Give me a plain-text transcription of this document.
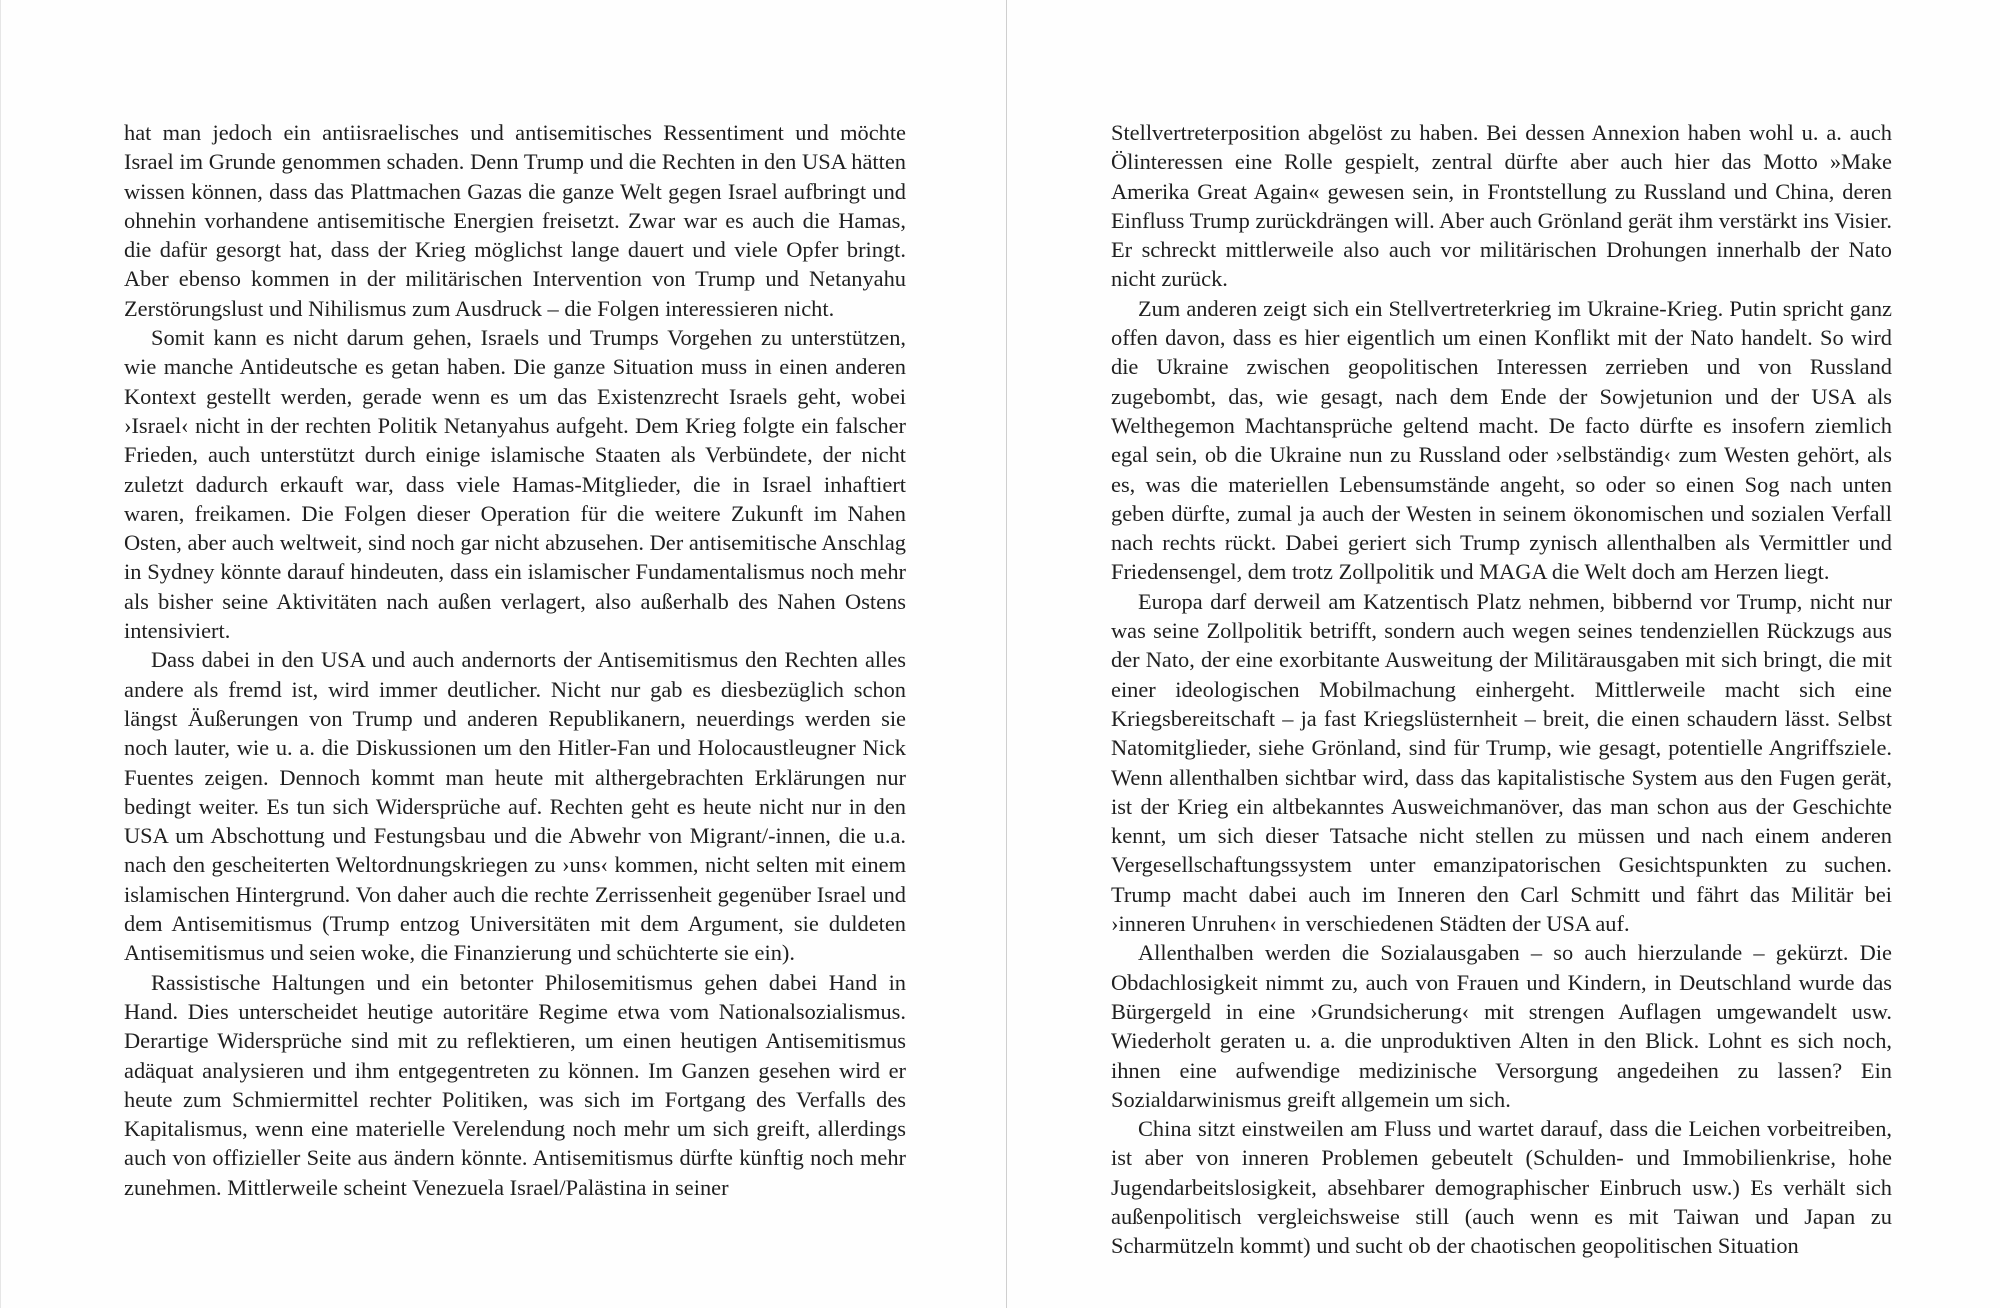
hat man jedoch ein antiisraelisches und antisemitisches Ressentiment und möchte Israel im Grunde genommen schaden. Denn Trump und die Rechten in den USA hätten wissen können, dass das Plattmachen Gazas die ganze Welt gegen Israel aufbringt und ohnehin vorhandene antisemitische Energien freisetzt. Zwar war es auch die Hamas, die dafür gesorgt hat, dass der Krieg möglichst lange dauert und viele Opfer bringt. Aber ebenso kommen in der militärischen Intervention von Trump und Netanyahu Zerstörungslust und Nihilismus zum Ausdruck – die Folgen interessieren nicht.

Somit kann es nicht darum gehen, Israels und Trumps Vorgehen zu unterstützen, wie manche Antideutsche es getan haben. Die ganze Situation muss in einen anderen Kontext gestellt werden, gerade wenn es um das Existenzrecht Israels geht, wobei ›Israel‹ nicht in der rechten Politik Netanyahus aufgeht. Dem Krieg folgte ein falscher Frieden, auch unterstützt durch einige islamische Staaten als Verbündete, der nicht zuletzt dadurch erkauft war, dass viele Hamas-Mitglieder, die in Israel inhaftiert waren, freikamen. Die Folgen dieser Operation für die weitere Zukunft im Nahen Osten, aber auch weltweit, sind noch gar nicht abzusehen. Der antisemitische Anschlag in Sydney könnte darauf hindeuten, dass ein islamischer Fundamentalismus noch mehr als bisher seine Aktivitäten nach außen verlagert, also außerhalb des Nahen Ostens intensiviert.

Dass dabei in den USA und auch andernorts der Antisemitismus den Rechten alles andere als fremd ist, wird immer deutlicher. Nicht nur gab es diesbezüglich schon längst Äußerungen von Trump und anderen Republikanern, neuerdings werden sie noch lauter, wie u. a. die Diskussionen um den Hitler-Fan und Holocaustleugner Nick Fuentes zeigen. Dennoch kommt man heute mit althergebrachten Erklärungen nur bedingt weiter. Es tun sich Widersprüche auf. Rechten geht es heute nicht nur in den USA um Abschottung und Festungsbau und die Abwehr von Migrant/-innen, die u.a. nach den gescheiterten Weltordnungskriegen zu ›uns‹ kommen, nicht selten mit einem islamischen Hintergrund. Von daher auch die rechte Zerrissenheit gegenüber Israel und dem Antisemitismus (Trump entzog Universitäten mit dem Argument, sie duldeten Antisemitismus und seien woke, die Finanzierung und schüchterte sie ein).

Rassistische Haltungen und ein betonter Philosemitismus gehen dabei Hand in Hand. Dies unterscheidet heutige autoritäre Regime etwa vom Nationalsozialismus. Derartige Widersprüche sind mit zu reflektieren, um einen heutigen Antisemitismus adäquat analysieren und ihm entgegentreten zu können. Im Ganzen gesehen wird er heute zum Schmiermittel rechter Politiken, was sich im Fortgang des Verfalls des Kapitalismus, wenn eine materielle Verelendung noch mehr um sich greift, allerdings auch von offizieller Seite aus ändern könnte. Antisemitismus dürfte künftig noch mehr zunehmen. Mittlerweile scheint Venezuela Israel/Palästina in seiner

Stellvertreterposition abgelöst zu haben. Bei dessen Annexion haben wohl u. a. auch Ölinteressen eine Rolle gespielt, zentral dürfte aber auch hier das Motto »Make Amerika Great Again« gewesen sein, in Frontstellung zu Russland und China, deren Einfluss Trump zurückdrängen will. Aber auch Grönland gerät ihm verstärkt ins Visier. Er schreckt mittlerweile also auch vor militärischen Drohungen innerhalb der Nato nicht zurück.

Zum anderen zeigt sich ein Stellvertreterkrieg im Ukraine-Krieg. Putin spricht ganz offen davon, dass es hier eigentlich um einen Konflikt mit der Nato handelt. So wird die Ukraine zwischen geopolitischen Interessen zerrieben und von Russland zugebombt, das, wie gesagt, nach dem Ende der Sowjetunion und der USA als Welthegemon Machtansprüche geltend macht. De facto dürfte es insofern ziemlich egal sein, ob die Ukraine nun zu Russland oder ›selbständig‹ zum Westen gehört, als es, was die materiellen Lebensumstände angeht, so oder so einen Sog nach unten geben dürfte, zumal ja auch der Westen in seinem ökonomischen und sozialen Verfall nach rechts rückt. Dabei geriert sich Trump zynisch allenthalben als Vermittler und Friedensengel, dem trotz Zollpolitik und MAGA die Welt doch am Herzen liegt.

Europa darf derweil am Katzentisch Platz nehmen, bibbernd vor Trump, nicht nur was seine Zollpolitik betrifft, sondern auch wegen seines tendenziellen Rückzugs aus der Nato, der eine exorbitante Ausweitung der Militärausgaben mit sich bringt, die mit einer ideologischen Mobilmachung einhergeht. Mittlerweile macht sich eine Kriegsbereitschaft – ja fast Kriegslüsternheit – breit, die einen schaudern lässt. Selbst Natomitglieder, siehe Grönland, sind für Trump, wie gesagt, potentielle Angriffsziele. Wenn allenthalben sichtbar wird, dass das kapitalistische System aus den Fugen gerät, ist der Krieg ein altbekanntes Ausweichmanöver, das man schon aus der Geschichte kennt, um sich dieser Tatsache nicht stellen zu müssen und nach einem anderen Vergesellschaftungssystem unter emanzipatorischen Gesichtspunkten zu suchen. Trump macht dabei auch im Inneren den Carl Schmitt und fährt das Militär bei ›inneren Unruhen‹ in verschiedenen Städten der USA auf.

Allenthalben werden die Sozialausgaben – so auch hierzulande – gekürzt. Die Obdachlosigkeit nimmt zu, auch von Frauen und Kindern, in Deutschland wurde das Bürgergeld in eine ›Grundsicherung‹ mit strengen Auflagen umgewandelt usw. Wiederholt geraten u. a. die unproduktiven Alten in den Blick. Lohnt es sich noch, ihnen eine aufwendige medizinische Versorgung angedeihen zu lassen? Ein Sozialdarwinismus greift allgemein um sich.

China sitzt einstweilen am Fluss und wartet darauf, dass die Leichen vorbeitreiben, ist aber von inneren Problemen gebeutelt (Schulden- und Immobilienkrise, hohe Jugendarbeitslosigkeit, absehbarer demographischer Einbruch usw.) Es verhält sich außenpolitisch vergleichsweise still (auch wenn es mit Taiwan und Japan zu Scharmützeln kommt) und sucht ob der chaotischen geopolitischen Situation
